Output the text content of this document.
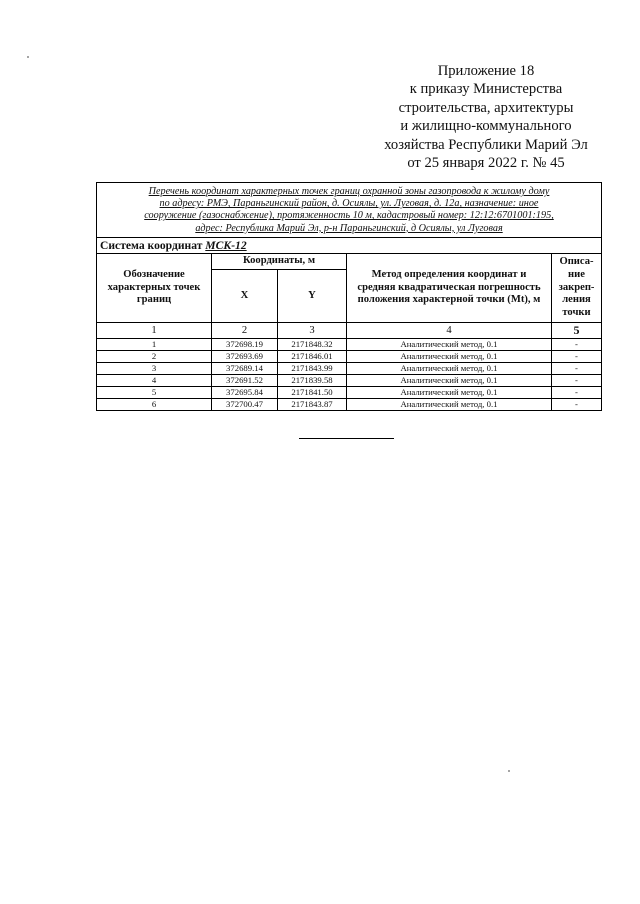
Приложение 18
к приказу Министерства
строительства, архитектуры
и жилищно-коммунального
хозяйства Республики Марий Эл
от 25 января 2022 г. № 45
Перечень координат характерных точек границ охранной зоны газопровода к жилому дому
по адресу: РМЭ, Параньгинский район, д. Осиялы, ул. Луговая, д. 12а, назначение: иное
сооружение (газоснабжение), протяженность 10 м, кадастровый номер: 12:12:6701001:195,
адрес: Республика Марий Эл, р-н Параньгинский, д Осиялы, ул Луговая				

Система координат МСК-12				
Обозначение характерных точек границ	Координаты, м		Метод определения координат и средняя квадратическая погрешность положения характерной точки (Mt), м	Описа-ние закреп-ления точки
	X	Y		
1	2	3	4	5
1	372698.19	2171848.32	Аналитический метод, 0.1	-
2	372693.69	2171846.01	Аналитический метод, 0.1	-
3	372689.14	2171843.99	Аналитический метод, 0.1	-
4	372691.52	2171839.58	Аналитический метод, 0.1	-
5	372695.84	2171841.50	Аналитический метод, 0.1	-
6	372700.47	2171843.87	Аналитический метод, 0.1	-
